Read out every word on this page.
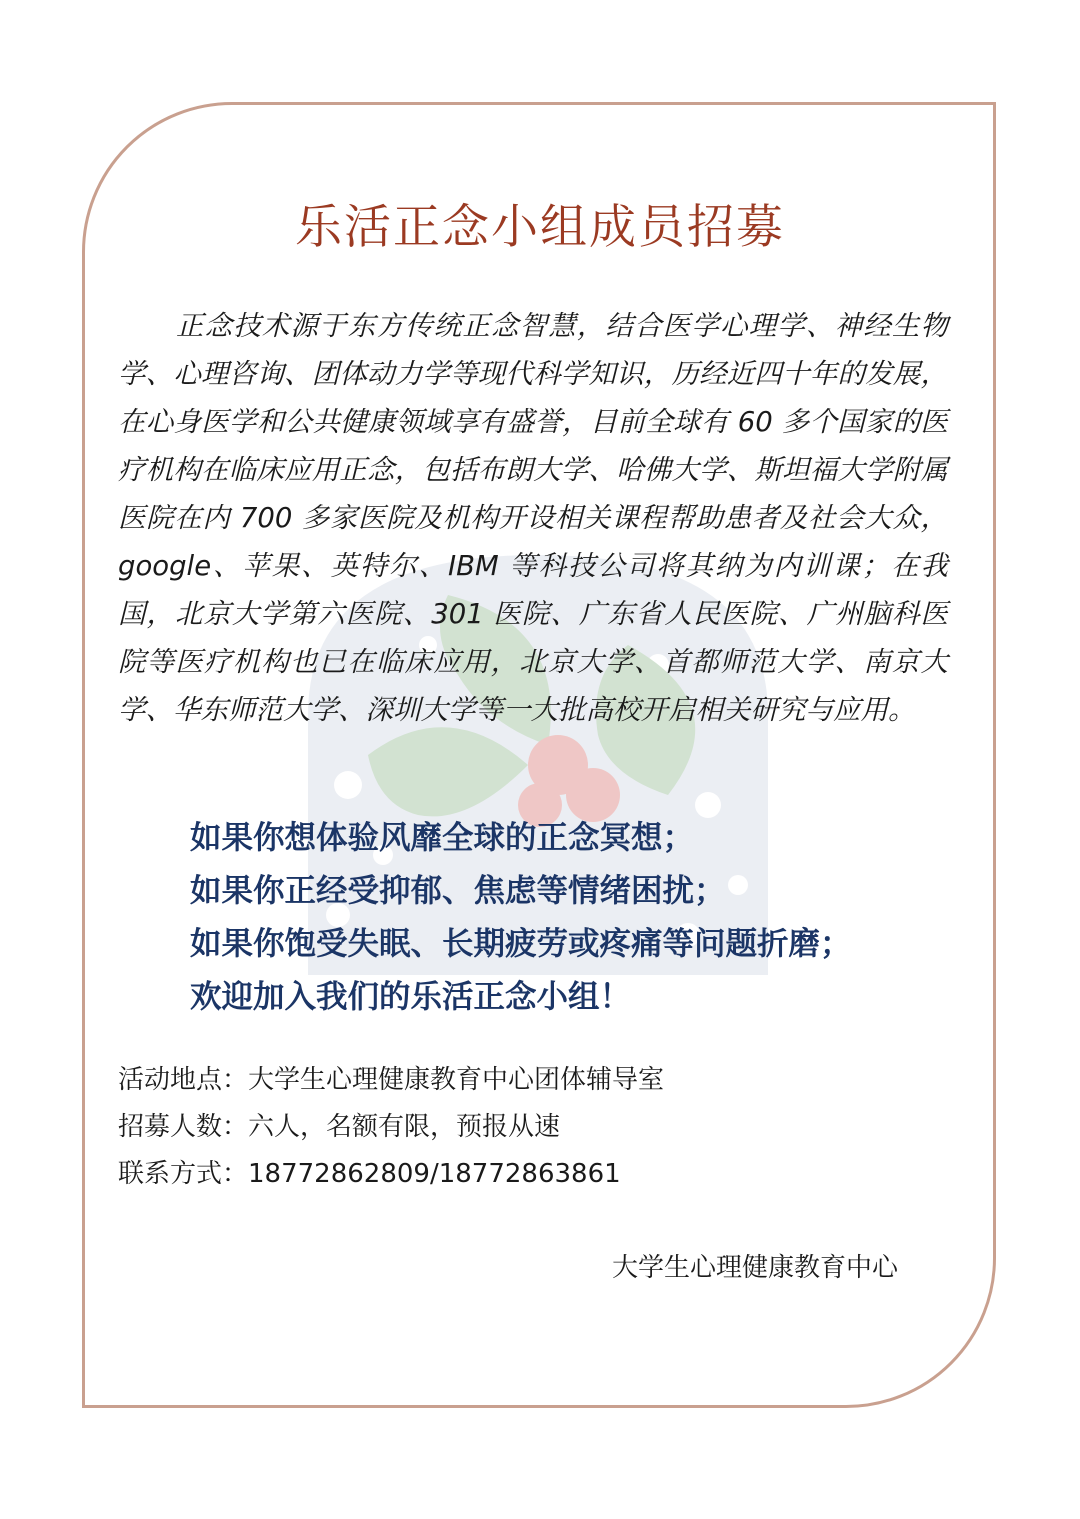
乐活正念小组成员招募

正念技术源于东方传统正念智慧，结合医学心理学、神经生物学、心理咨询、团体动力学等现代科学知识，历经近四十年的发展，在心身医学和公共健康领域享有盛誉，目前全球有 60 多个国家的医疗机构在临床应用正念，包括布朗大学、哈佛大学、斯坦福大学附属医院在内 700 多家医院及机构开设相关课程帮助患者及社会大众，google、苹果、英特尔、IBM 等科技公司将其纳为内训课；在我国，北京大学第六医院、301 医院、广东省人民医院、广州脑科医院等医疗机构也已在临床应用，北京大学、首都师范大学、南京大学、华东师范大学、深圳大学等一大批高校开启相关研究与应用。

如果你想体验风靡全球的正念冥想；
如果你正经受抑郁、焦虑等情绪困扰；
如果你饱受失眠、长期疲劳或疼痛等问题折磨；
欢迎加入我们的乐活正念小组！
活动地点：大学生心理健康教育中心团体辅导室
招募人数：六人，名额有限，预报从速
联系方式：18772862809/18772863861
大学生心理健康教育中心
